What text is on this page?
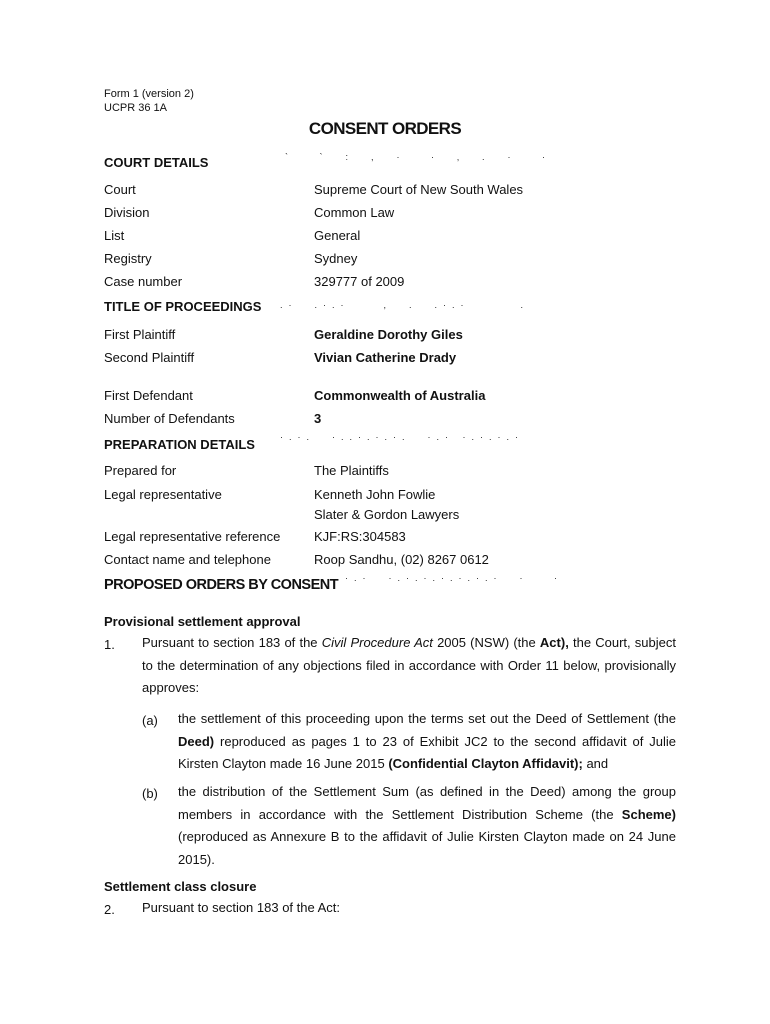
Form 1 (version 2)
UCPR 36 1A
CONSENT ORDERS
`   `  :  ,  ·   ·  ‚  .  ·   ·
.·  .·.·    ,  .  .·.·      .
·.·.  ·..·.·.·.  ·.· ·.·.·.·
·.·  ·.·.·.·.·.·.·  ·   ·
COURT DETAILS
Court	Supreme Court of New South Wales
Division	Common Law
List	General
Registry	Sydney
Case number	329777 of 2009
TITLE OF PROCEEDINGS
First Plaintiff	Geraldine Dorothy Giles
Second Plaintiff	Vivian Catherine Drady
First Defendant	Commonwealth of Australia
Number of Defendants	3
PREPARATION DETAILS
Prepared for	The Plaintiffs
Legal representative	Kenneth John Fowlie
Slater & Gordon Lawyers
Legal representative reference	KJF:RS:304583
Contact name and telephone	Roop Sandhu, (02) 8267 0612
PROPOSED ORDERS BY CONSENT
Provisional settlement approval
1. Pursuant to section 183 of the Civil Procedure Act 2005 (NSW) (the Act), the Court, subject to the determination of any objections filed in accordance with Order 11 below, provisionally approves:
(a) the settlement of this proceeding upon the terms set out the Deed of Settlement (the Deed) reproduced as pages 1 to 23 of Exhibit JC2 to the second affidavit of Julie Kirsten Clayton made 16 June 2015 (Confidential Clayton Affidavit); and
(b) the distribution of the Settlement Sum (as defined in the Deed) among the group members in accordance with the Settlement Distribution Scheme (the Scheme) (reproduced as Annexure B to the affidavit of Julie Kirsten Clayton made on 24 June 2015).
Settlement class closure
2. Pursuant to section 183 of the Act:
